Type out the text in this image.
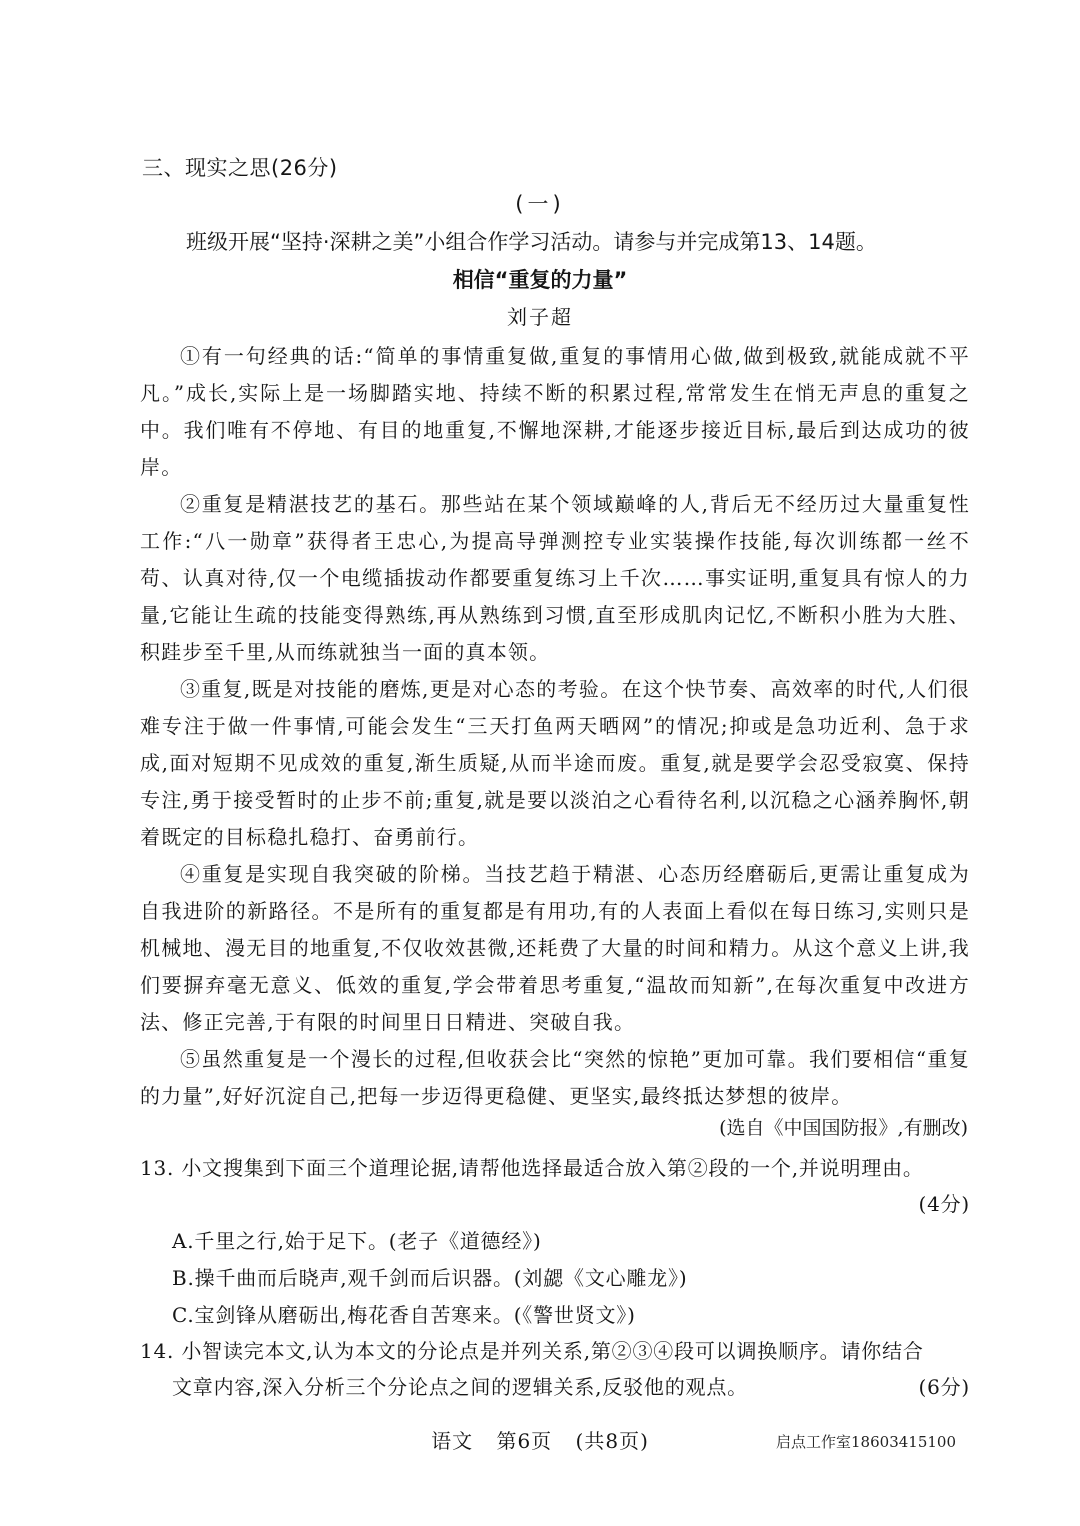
三、现实之思(26分)
(一)
班级开展“坚持·深耕之美”小组合作学习活动。请参与并完成第13、14题。
相信“重复的力量”
刘子超

①有一句经典的话:“简单的事情重复做,重复的事情用心做,做到极致,就能成就不平凡。”成长,实际上是一场脚踏实地、持续不断的积累过程,常常发生在悄无声息的重复之中。我们唯有不停地、有目的地重复,不懈地深耕,才能逐步接近目标,最后到达成功的彼岸。

②重复是精湛技艺的基石。那些站在某个领域巅峰的人,背后无不经历过大量重复性工作:“八一勋章”获得者王忠心,为提高导弹测控专业实装操作技能,每次训练都一丝不苟、认真对待,仅一个电缆插拔动作都要重复练习上千次……事实证明,重复具有惊人的力量,它能让生疏的技能变得熟练,再从熟练到习惯,直至形成肌肉记忆,不断积小胜为大胜、积跬步至千里,从而练就独当一面的真本领。

③重复,既是对技能的磨炼,更是对心态的考验。在这个快节奏、高效率的时代,人们很难专注于做一件事情,可能会发生“三天打鱼两天晒网”的情况;抑或是急功近利、急于求成,面对短期不见成效的重复,渐生质疑,从而半途而废。重复,就是要学会忍受寂寞、保持专注,勇于接受暂时的止步不前;重复,就是要以淡泊之心看待名利,以沉稳之心涵养胸怀,朝着既定的目标稳扎稳打、奋勇前行。

④重复是实现自我突破的阶梯。当技艺趋于精湛、心态历经磨砺后,更需让重复成为自我进阶的新路径。不是所有的重复都是有用功,有的人表面上看似在每日练习,实则只是机械地、漫无目的地重复,不仅收效甚微,还耗费了大量的时间和精力。从这个意义上讲,我们要摒弃毫无意义、低效的重复,学会带着思考重复,“温故而知新”,在每次重复中改进方法、修正完善,于有限的时间里日日精进、突破自我。

⑤虽然重复是一个漫长的过程,但收获会比“突然的惊艳”更加可靠。我们要相信“重复的力量”,好好沉淀自己,把每一步迈得更稳健、更坚实,最终抵达梦想的彼岸。

(选自《中国国防报》,有删改)
13. 小文搜集到下面三个道理论据,请帮他选择最适合放入第②段的一个,并说明理由。
(4分)
A.千里之行,始于足下。(老子《道德经》)
B.操千曲而后晓声,观千剑而后识器。(刘勰《文心雕龙》)
C.宝剑锋从磨砺出,梅花香自苦寒来。(《警世贤文》)
14. 小智读完本文,认为本文的分论点是并列关系,第②③④段可以调换顺序。请你结合
文章内容,深入分析三个分论点之间的逻辑关系,反驳他的观点。	(6分)
语文 第6页 (共8页)	启点工作室18603415100
